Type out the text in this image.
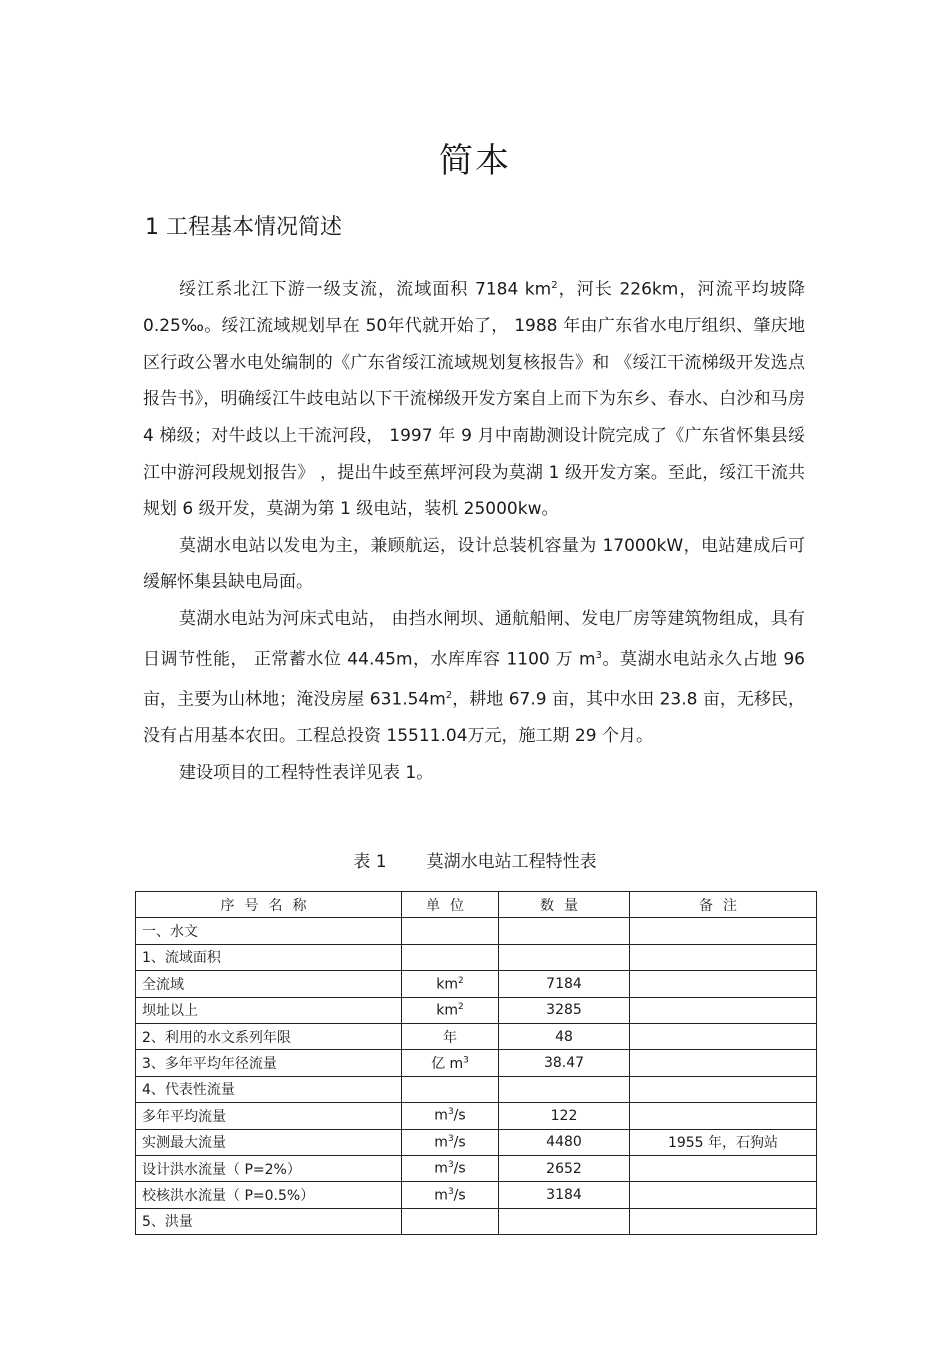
简本
1 工程基本情况简述

绥江系北江下游一级支流，流域面积 7184 $km^2$，河长 226km，河流平均坡降 0.25‰。绥江流域规划早在 50年代就开始了， 1988 年由广东省水电厅组织、肇庆地区行政公署水电处编制的《广东省绥江流域规划复核报告》和 《绥江干流梯级开发选点报告书》，明确绥江牛歧电站以下干流梯级开发方案自上而下为东乡、春水、白沙和马房 4 梯级；对牛歧以上干流河段， 1997 年 9 月中南勘测设计院完成了《广东省怀集县绥江中游河段规划报告》 ，提出牛歧至蕉坪河段为莫湖 1 级开发方案。至此，绥江干流共规划 6 级开发，莫湖为第 1 级电站，装机 25000kw。

莫湖水电站以发电为主，兼顾航运，设计总装机容量为 17000kW，电站建成后可缓解怀集县缺电局面。

莫湖水电站为河床式电站， 由挡水闸坝、通航船闸、发电厂房等建筑物组成，具有日调节性能， 正常蓄水位 44.45m，水库库容 1100 万 $m^3$。莫湖水电站永久占地 96 亩，主要为山林地；淹没房屋 $631.54m^2$，耕地 67.9 亩，其中水田 23.8 亩，无移民，没有占用基本农田。工程总投资 15511.04万元，施工期 29 个月。

建设项目的工程特性表详见表 1。

表 1 莫湖水电站工程特性表
序号名称	单位	数量	备注
一、水文			
1、流域面积			
全流域	$km^2$	7184	
坝址以上	$km^2$	3285	
2、利用的水文系列年限	年	48	
3、多年平均年径流量	亿 $m^3$	38.47	
4、代表性流量			
多年平均流量	$m^3/s$	122	
实测最大流量	$m^3/s$	4480	1955 年，石狗站
设计洪水流量（ P=2%）	$m^3/s$	2652	
校核洪水流量（ P=0.5%）	$m^3/s$	3184	
5、洪量			
